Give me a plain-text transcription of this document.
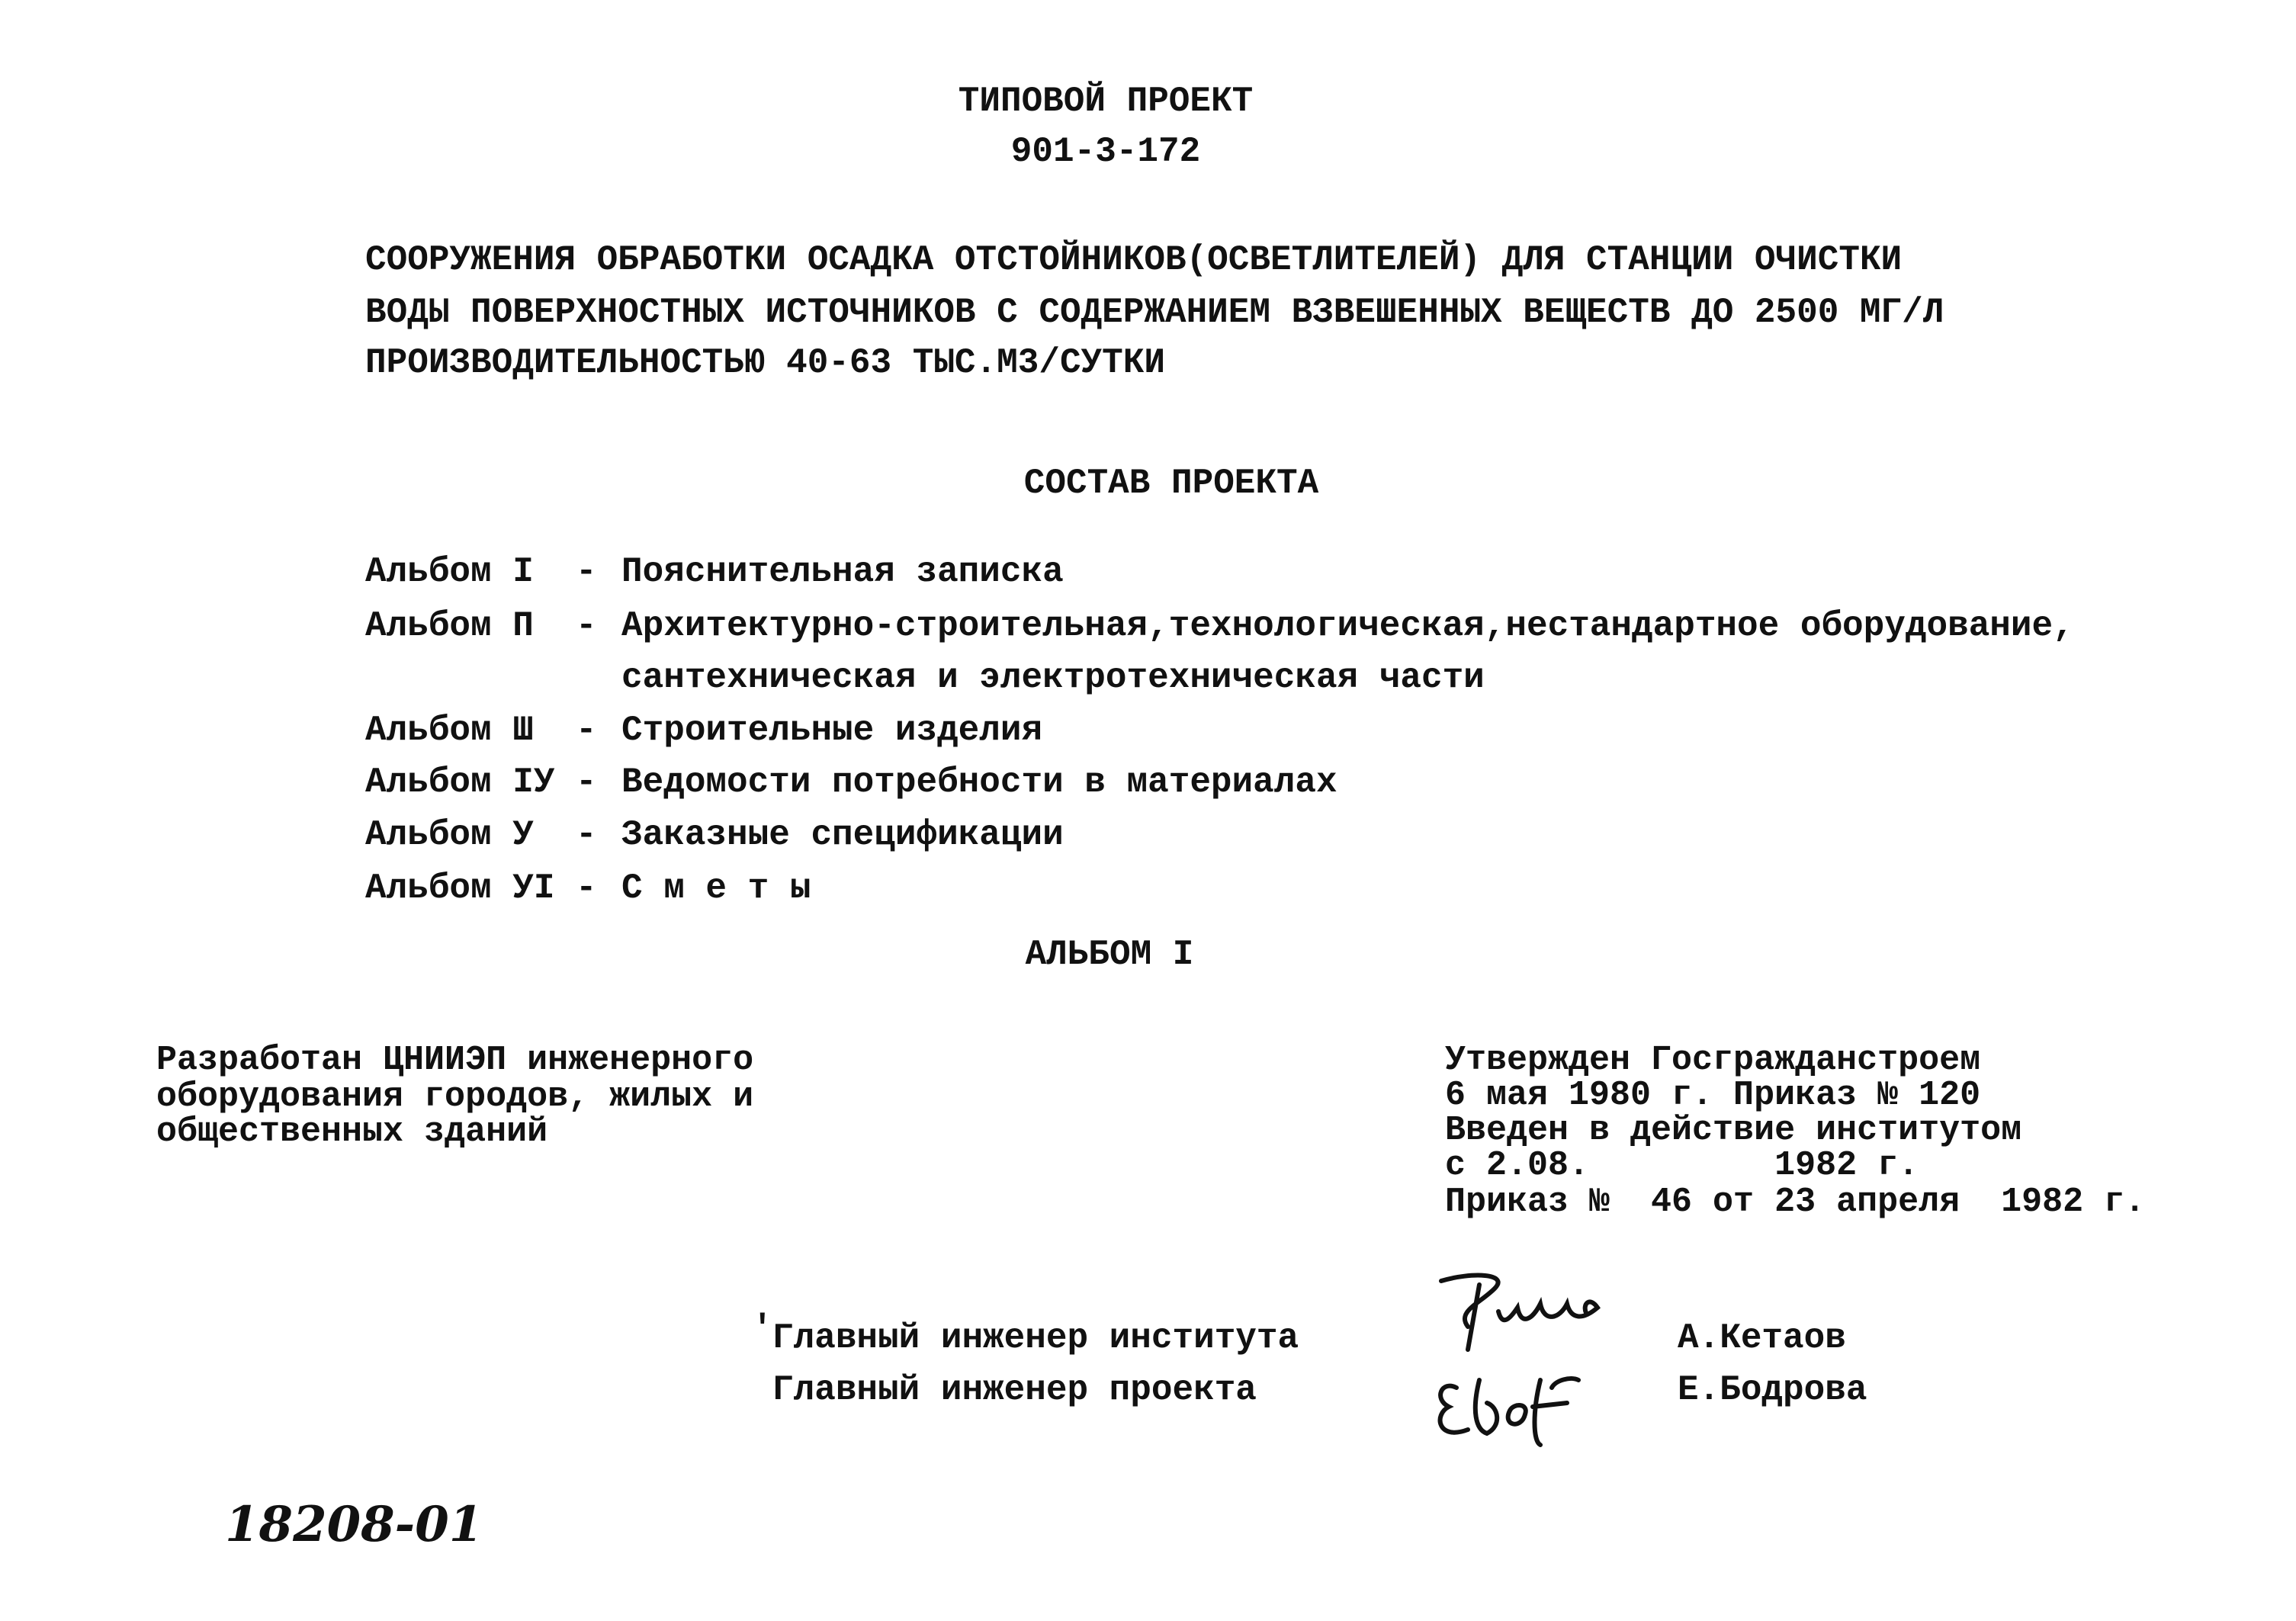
ТИПОВОЙ ПРОЕКТ
901-3-172
СООРУЖЕНИЯ ОБРАБОТКИ ОСАДКА ОТСТОЙНИКОВ(ОСВЕТЛИТЕЛЕЙ) ДЛЯ СТАНЦИИ ОЧИСТКИ
ВОДЫ ПОВЕРХНОСТНЫХ ИСТОЧНИКОВ С СОДЕРЖАНИЕМ ВЗВЕШЕННЫХ ВЕЩЕСТВ ДО 2500 МГ/Л
ПРОИЗВОДИТЕЛЬНОСТЬЮ 40-63 ТЫС.М3/СУТКИ
СОСТАВ ПРОЕКТА
Альбом I  - Пояснительная записка
Альбом П  - Архитектурно-строительная,технологическая,нестандартное оборудование,
сантехническая и электротехническая части
Альбом Ш  - Строительные изделия
Альбом IУ - Ведомости потребности в материалах
Альбом У  - Заказные спецификации
Альбом УI - С м е т ы
АЛЬБОМ I
Разработан ЦНИИЭП инженерного
оборудования городов, жилых и
общественных зданий
Утвержден Госгражданстроем
6 мая 1980 г. Приказ № 120
Введен в действие институтом
с 2.08.         1982 г.
Приказ №  46 от 23 апреля  1982 г.
ʹ Главный инженер института
Главный инженер проекта
А.Кетаов
Е.Бодрова
18208-01
